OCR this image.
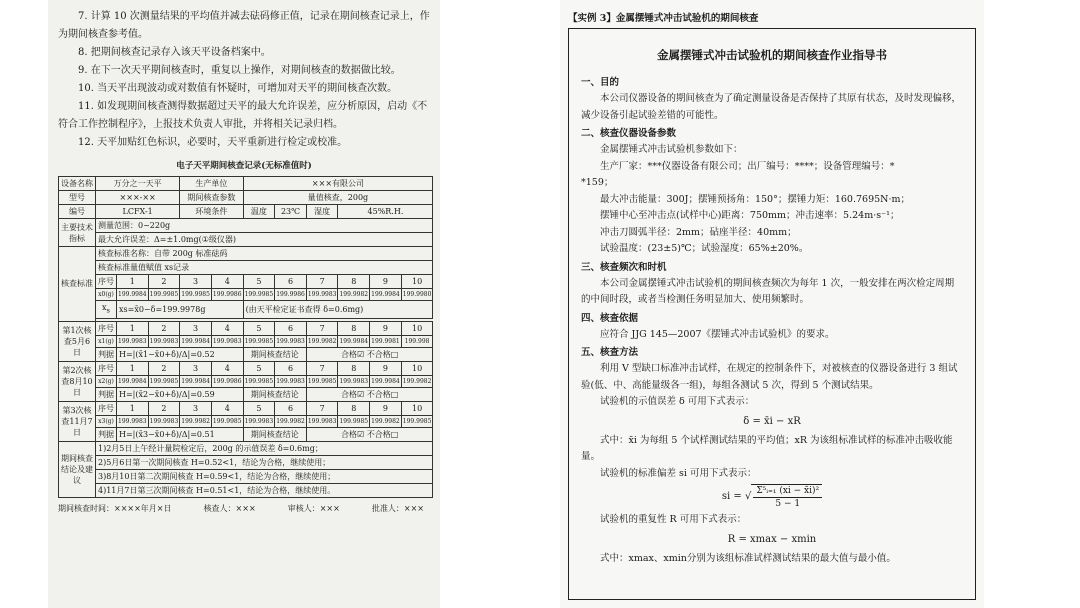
7. 计算 10 次测量结果的平均值并减去砝码修正值，记录在期间核查记录上，作为期间核查参考值。

8. 把期间核查记录存入该天平设备档案中。

9. 在下一次天平期间核查时，重复以上操作，对期间核查的数据做比较。

10. 当天平出现波动或对数值有怀疑时，可增加对天平的期间核查次数。

11. 如发现期间核查测得数据超过天平的最大允许误差，应分析原因，启动《不符合工作控制程序》，上报技术负责人审批，并将相关记录归档。

12. 天平加贴红色标识，必要时，天平重新进行检定或校准。

电子天平期间核查记录(无标准值时)
设备名称	万分之一天平			生产单位		×××有限公司					
型号	×××-××			期间核查参数		量值核查，200g					
编号	LCFX-1			环境条件		温度	23℃	湿度	45%R.H.		
主要技术指标	测量范围：0~220g										
	最大允许误差：Δ=±1.0mg(①级仪器)										
核查标准	核查标准名称：自带 200g 标准砝码										
	核查标准量值赋值 xs记录										
	序号	1	2	3	4	5	6	7	8	9	10
	x0(g)	199.9984	199.9985	199.9985	199.9986	199.9985	199.9986	199.9983	199.9982	199.9984	199.9980
	$x_s$	xs=x̄0−δ=199.9978g				(由天平检定证书查得 δ=0.6mg)					

第1次核查5月6日	序号	1	2	3	4	5	6	7	8	9	10
	x1(g)	199.9983	199.9983	199.9984	199.9983	199.9985	199.9983	199.9982	199.9984	199.9981	199.998
	判据	H=|(x̄1−x̄0+δ)/Δ|=0.52				期间核查结论		合格☑ 不合格□			
第2次核查8月10日	序号	1	2	3	4	5	6	7	8	9	10
	x2(g)	199.9984	199.9985	199.9984	199.9986	199.9985	199.9983	199.9985	199.9983	199.9984	199.9982
	判据	H=|(x̄2−x̄0+δ)/Δ|=0.59				期间核查结论		合格☑ 不合格□			
第3次核查11月7日	序号	1	2	3	4	5	6	7	8	9	10
	x3(g)	199.9983	199.9983	199.9982	199.9985	199.9983	199.9982	199.9983	199.9985	199.9982	199.9985
	判据	H=|(x̄3−x̄0+δ)/Δ|=0.51				期间核查结论		合格☑ 不合格□			
期间核查结论及建议	1)2月5日上午经计量院检定后，200g 的示值误差 δ=0.6mg；										
	2)5月6日第一次期间核查 H=0.52<1，结论为合格，继续使用；										
	3)8月10日第二次期间核查 H=0.59<1，结论为合格，继续使用；										
	4)11月7日第三次期间核查 H=0.51<1，结论为合格，继续使用。										
期间核查时间：××××年月×日	核查人：×××	审核人：×××	批准人：×××
【实例 3】金属摆锤式冲击试验机的期间核查
金属摆锤式冲击试验机的期间核查作业指导书
一、目的

本公司仪器设备的期间核查为了确定测量设备是否保持了其原有状态，及时发现偏移，减少设备引起试验差错的可能性。

二、核查仪器设备参数

金属摆锤式冲击试验机参数如下：

生产厂家：***仪器设备有限公司；出厂编号：****；设备管理编号：*

*159；

最大冲击能量：300J；摆锤预扬角：150°；摆锤力矩：160.7695N·m；

摆锤中心至冲击点(试样中心)距离：750mm；冲击速率：5.24m·s⁻¹；

冲击刀圆弧半径：2mm；砧座半径：40mm；

试验温度：(23±5)℃；试验湿度：65%±20%。

三、核查频次和时机

本公司金属摆锤式冲击试验机的期间核查频次为每年 1 次，一般安排在两次检定周期的中间时段，或者当检测任务明显加大、使用频繁时。

四、核查依据

应符合 JJG 145—2007《摆锤式冲击试验机》的要求。

五、核查方法

利用 V 型缺口标准冲击试样，在规定的控制条件下，对被核查的仪器设备进行 3 组试验(低、中、高能量级各一组)，每组各测试 5 次，得到 5 个测试结果。

试验机的示值误差 δ 可用下式表示：

δ = x̄i − xR

式中：x̄i 为每组 5 个试样测试结果的平均值；xR 为该组标准试样的标准冲击吸收能量。

试验机的标准偏差 si 可用下式表示：

si = √ $\frac{\text{Σ⁵ᵢ₌₁ (xi − x̄i)²}}{5 - 1}$

试验机的重复性 R 可用下式表示：

R = xmax − xmin

式中：xmax、xmin分别为该组标准试样测试结果的最大值与最小值。
